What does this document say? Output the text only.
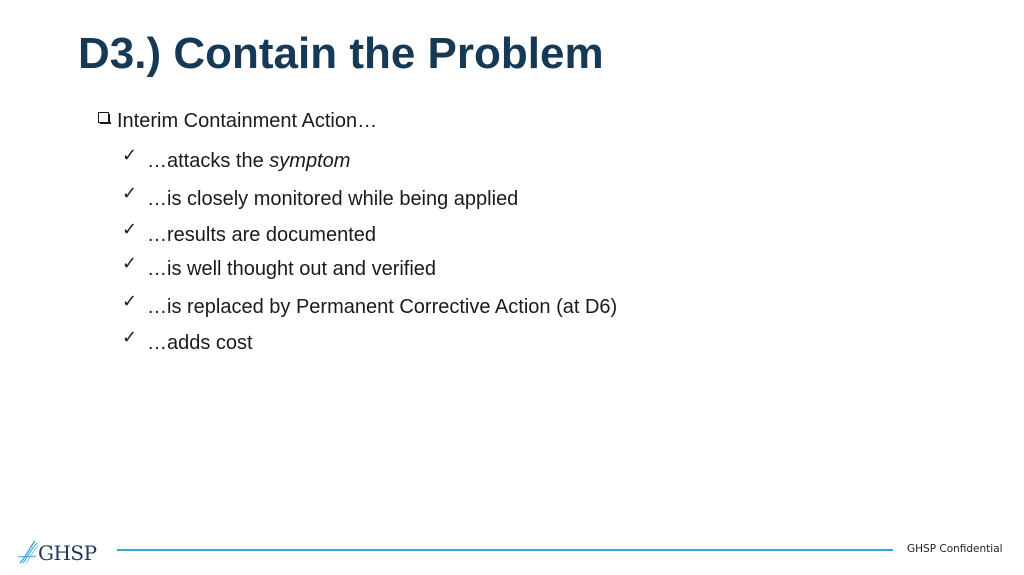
D3.) Contain the Problem
Interim Containment Action…
✓ …attacks the symptom
✓ …is closely monitored while being applied
✓ …results are documented
✓ …is well thought out and verified
✓ …is replaced by Permanent Corrective Action (at D6)
✓ …adds cost
GHSP	GHSP Confidential
